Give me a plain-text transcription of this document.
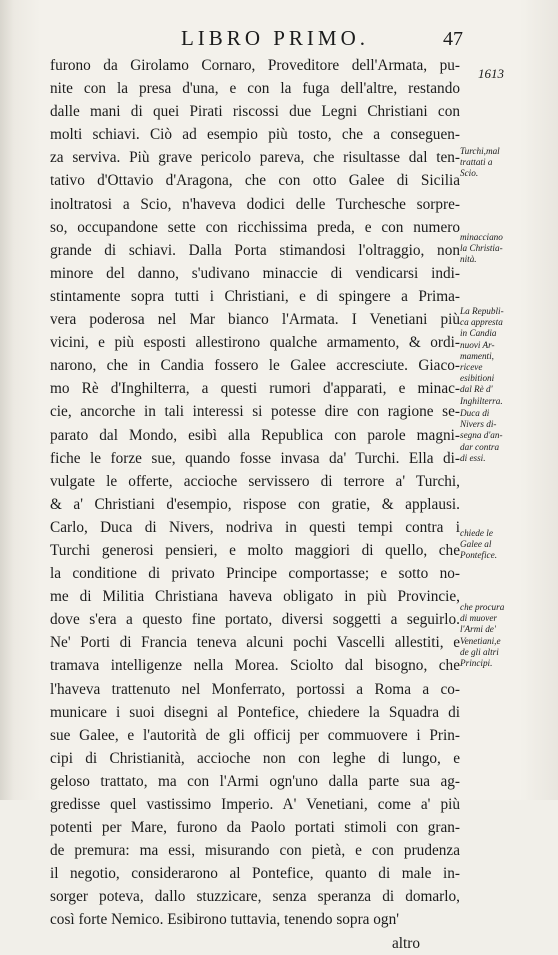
LIBRO PRIMO.	47
1613
furono da Girolamo Cornaro, Proveditore dell'Armata, pu-
nite con la presa d'una, e con la fuga dell'altre, restando
dalle mani di quei Pirati riscossi due Legni Christiani con
molti schiavi. Ciò ad esempio più tosto, che a conseguen-
za serviva. Più grave pericolo pareva, che risultasse dal ten-
tativo d'Ottavio d'Aragona, che con otto Galee di Sicilia
inoltratosi a Scio, n'haveva dodici delle Turchesche sorpre-
so, occupandone sette con ricchissima preda, e con numero
grande di schiavi. Dalla Porta stimandosi l'oltraggio, non
minore del danno, s'udivano minaccie di vendicarsi indi-
stintamente sopra tutti i Christiani, e di spingere a Prima-
vera poderosa nel Mar bianco l'Armata. I Venetiani più
vicini, e più esposti allestirono qualche armamento, & ordi-
narono, che in Candia fossero le Galee accresciute. Giaco-
mo Rè d'Inghilterra, a questi rumori d'apparati, e minac-
cie, ancorche in tali interessi si potesse dire con ragione se-
parato dal Mondo, esibì alla Republica con parole magni-
fiche le forze sue, quando fosse invasa da' Turchi. Ella di-
vulgate le offerte, accioche servissero di terrore a' Turchi,
& a' Christiani d'esempio, rispose con gratie, & applausi.
Carlo, Duca di Nivers, nodriva in questi tempi contra i
Turchi generosi pensieri, e molto maggiori di quello, che
la conditione di privato Principe comportasse; e sotto no-
me di Militia Christiana haveva obligato in più Provincie,
dove s'era a questo fine portato, diversi soggetti a seguirlo.
Ne' Porti di Francia teneva alcuni pochi Vascelli allestiti, e
tramava intelligenze nella Morea. Sciolto dal bisogno, che
l'haveva trattenuto nel Monferrato, portossi a Roma a co-
municare i suoi disegni al Pontefice, chiedere la Squadra di
sue Galee, e l'autorità de gli officij per commuovere i Prin-
cipi di Christianità, accioche non con leghe di lungo, e
geloso trattato, ma con l'Armi ogn'uno dalla parte sua ag-
gredisse quel vastissimo Imperio. A' Venetiani, come a' più
potenti per Mare, furono da Paolo portati stimoli con gran-
de premura: ma essi, misurando con pietà, e con prudenza
il negotio, considerarono al Pontefice, quanto di male in-
sorger poteva, dallo stuzzicare, senza speranza di domarlo,
così forte Nemico. Esibirono tuttavia, tenendo sopra ogn'
altro
Turchi,mal
trattati a
Scio.
minacciano
la Christia-
nità.
La Republi-
ca appresta
in Candia
nuovi Ar-
mamenti,
riceve
esibitioni
dal Rè d'
Inghilterra.
Duca di
Nivers di-
segna d'an-
dar contra
di essi.
chiede le
Galee al
Pontefice.
che procura
di muover
l'Armi de'
Venetiani,e
de gli altri
Principi.
